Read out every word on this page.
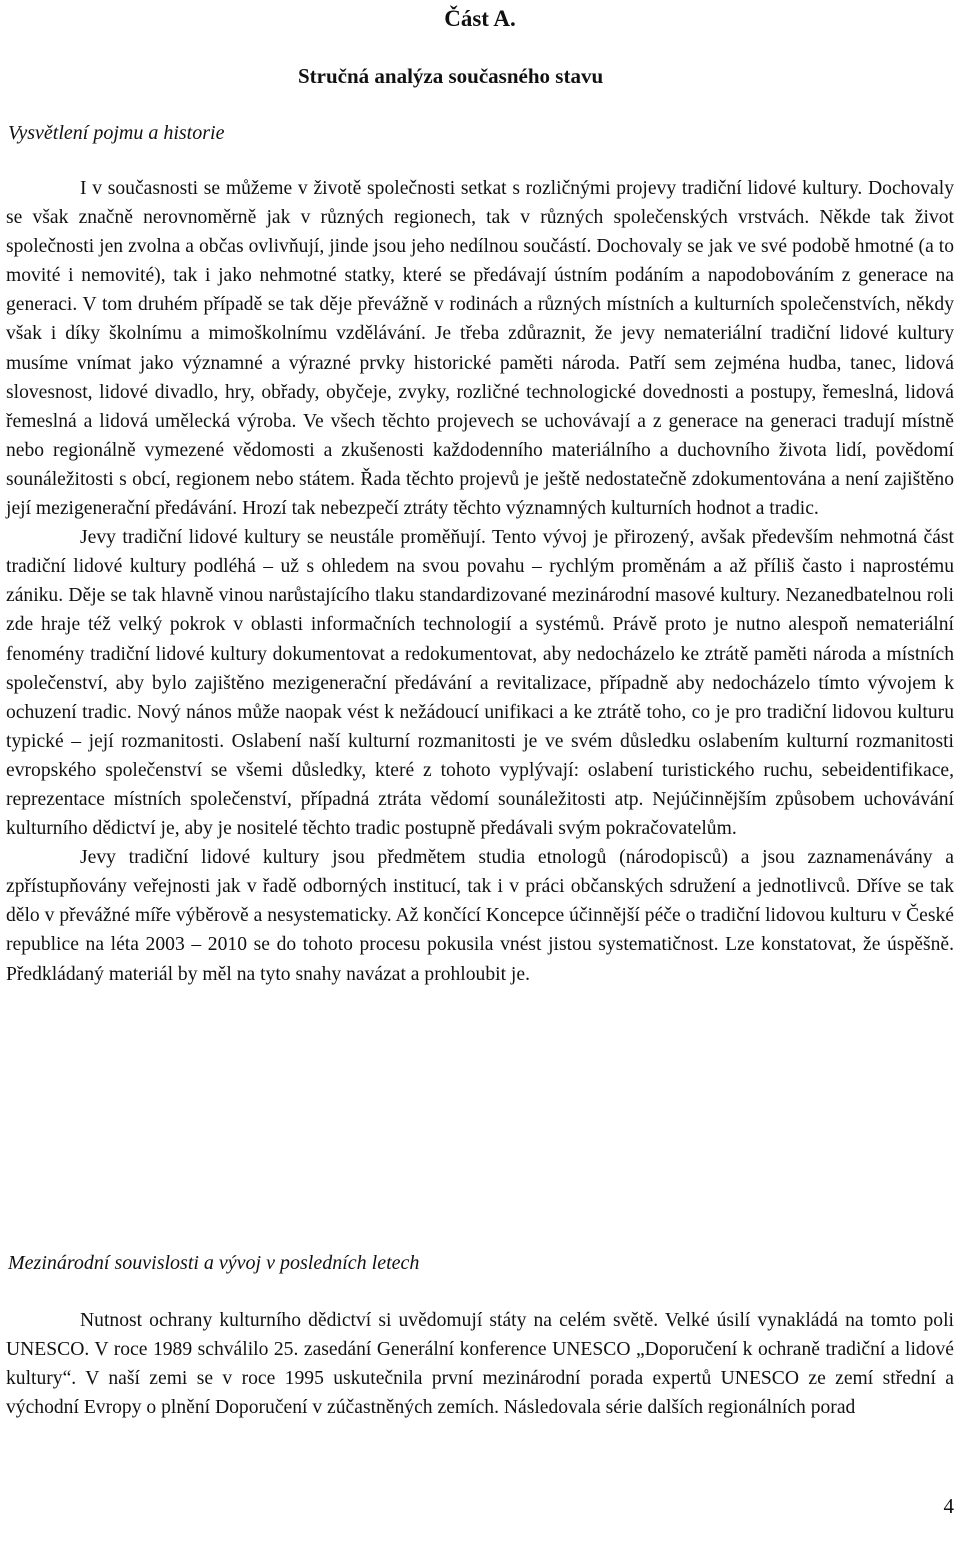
Část A.
Stručná analýza současného stavu
Vysvětlení pojmu a historie

I v současnosti se můžeme v životě společnosti setkat s rozličnými projevy tradiční lidové kultury. Dochovaly se však značně nerovnoměrně jak v různých regionech, tak v různých společenských vrstvách. Někde tak život společnosti jen zvolna a občas ovlivňují, jinde jsou jeho nedílnou součástí. Dochovaly se jak ve své podobě hmotné (a to movité i nemovité), tak i jako nehmotné statky, které se předávají ústním podáním a napodobováním z generace na generaci. V tom druhém případě se tak děje převážně v rodinách a různých místních a kulturních společenstvích, někdy však i díky školnímu a mimoškolnímu vzdělávání. Je třeba zdůraznit, že jevy nemateriální tradiční lidové kultury musíme vnímat jako významné a výrazné prvky historické paměti národa. Patří sem zejména hudba, tanec, lidová slovesnost, lidové divadlo, hry, obřady, obyčeje, zvyky, rozličné technologické dovednosti a postupy, řemeslná, lidová řemeslná a lidová umělecká výroba. Ve všech těchto projevech se uchovávají a z generace na generaci tradují místně nebo regionálně vymezené vědomosti a zkušenosti každodenního materiálního a duchovního života lidí, povědomí sounáležitosti s obcí, regionem nebo státem. Řada těchto projevů je ještě nedostatečně zdokumentována a není zajištěno její mezigenerační předávání. Hrozí tak nebezpečí ztráty těchto významných kulturních hodnot a tradic.

Jevy tradiční lidové kultury se neustále proměňují. Tento vývoj je přirozený, avšak především nehmotná část tradiční lidové kultury podléhá – už s ohledem na svou povahu – rychlým proměnám a až příliš často i naprostému zániku. Děje se tak hlavně vinou narůstajícího tlaku standardizované mezinárodní masové kultury. Nezanedbatelnou roli zde hraje též velký pokrok v oblasti informačních technologií a systémů. Právě proto je nutno alespoň nemateriální fenomény tradiční lidové kultury dokumentovat a redokumentovat, aby nedocházelo ke ztrátě paměti národa a místních společenství, aby bylo zajištěno mezigenerační předávání a revitalizace, případně aby nedocházelo tímto vývojem k ochuzení tradic. Nový nános může naopak vést k nežádoucí unifikaci a ke ztrátě toho, co je pro tradiční lidovou kulturu typické – její rozmanitosti. Oslabení naší kulturní rozmanitosti je ve svém důsledku oslabením kulturní rozmanitosti evropského společenství se všemi důsledky, které z tohoto vyplývají: oslabení turistického ruchu, sebeidentifikace, reprezentace místních společenství, případná ztráta vědomí sounáležitosti atp. Nejúčinnějším způsobem uchovávání kulturního dědictví je, aby je nositelé těchto tradic postupně předávali svým pokračovatelům.

Jevy tradiční lidové kultury jsou předmětem studia etnologů (národopisců) a jsou zaznamenávány a zpřístupňovány veřejnosti jak v řadě odborných institucí, tak i v práci občanských sdružení a jednotlivců. Dříve se tak dělo v převážné míře výběrově a nesystematicky. Až končící Koncepce účinnější péče o tradiční lidovou kulturu v České republice na léta 2003 – 2010 se do tohoto procesu pokusila vnést jistou systematičnost. Lze konstatovat, že úspěšně. Předkládaný materiál by měl na tyto snahy navázat a prohloubit je.

Mezinárodní souvislosti a vývoj v posledních letech

Nutnost ochrany kulturního dědictví si uvědomují státy na celém světě. Velké úsilí vynakládá na tomto poli UNESCO. V roce 1989 schválilo 25. zasedání Generální konference UNESCO „Doporučení k ochraně tradiční a lidové kultury“. V naší zemi se v roce 1995 uskutečnila první mezinárodní porada expertů UNESCO ze zemí střední a východní Evropy o plnění Doporučení v zúčastněných zemích. Následovala série dalších regionálních porad

4
